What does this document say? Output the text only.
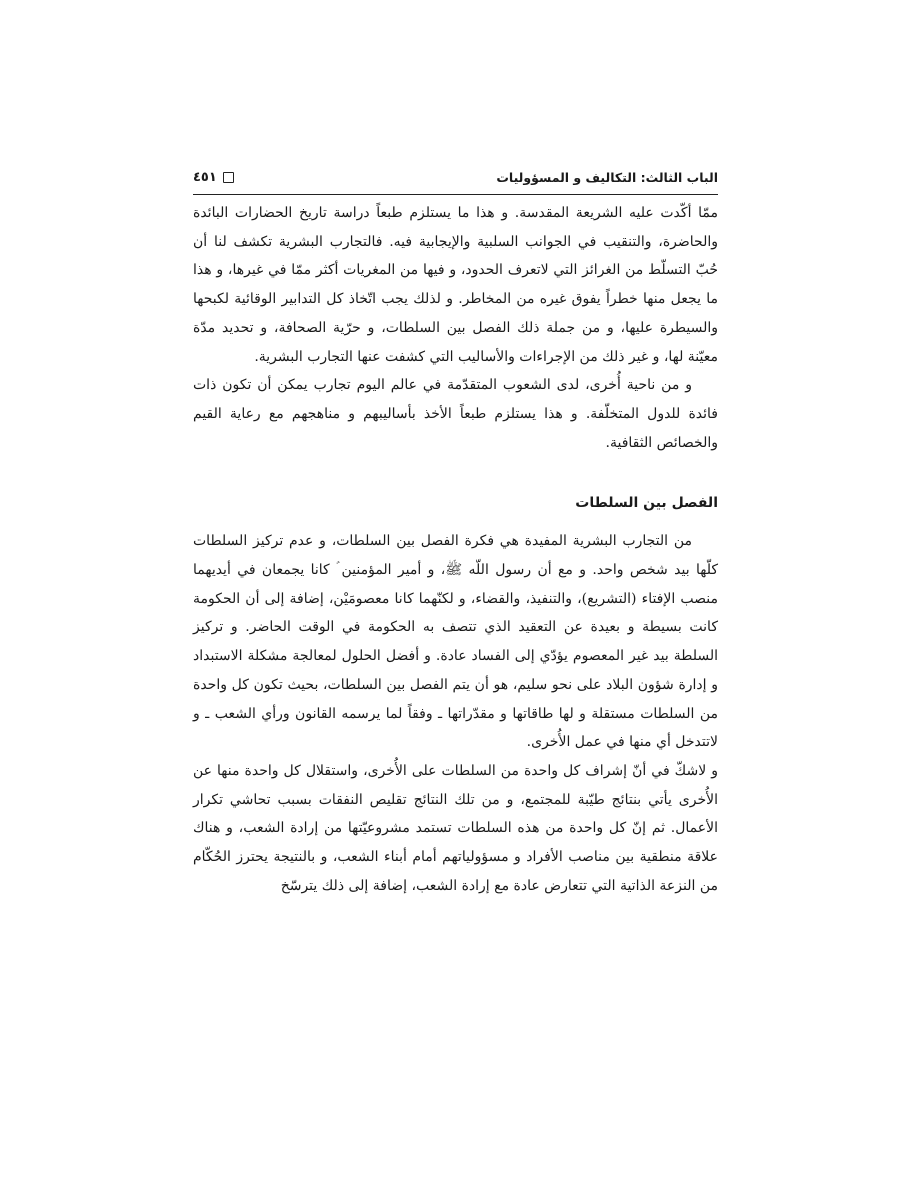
الباب الثالث: التكاليف و المسؤوليات
٤٥١

ممّا أكّدت عليه الشريعة المقدسة. و هذا ما يستلزم طبعاً دراسة تاريخ الحضارات البائدة والحاضرة، والتنقيب في الجوانب السلبية والإيجابية فيه. فالتجارب البشرية تكشف لنا أن حُبّ التسلّط من الغرائز التي لاتعرف الحدود، و فيها من المغريات أكثر ممّا في غيرها، و هذا ما يجعل منها خطراً يفوق غيره من المخاطر. و لذلك يجب اتّخاذ كل التدابير الوقائية لكبحها والسيطرة عليها، و من جملة ذلك الفصل بين السلطات، و حرّية الصحافة، و تحديد مدّة معيّنة لها، و غير ذلك من الإجراءات والأساليب التي كشفت عنها التجارب البشرية.

و من ناحية أُخرى، لدى الشعوب المتقدّمة في عالم اليوم تجارب يمكن أن تكون ذات فائدة للدول المتخلّفة. و هذا يستلزم طبعاً الأخذ بأساليبهم و مناهجهم مع رعاية القيم والخصائص الثقافية.

الفصل بين السلطات

من التجارب البشرية المفيدة هي فكرة الفصل بين السلطات، و عدم تركيز السلطات كلّها بيد شخص واحد. و مع أن رسول اللّه ﷺ، و أمير المؤمنين ؑ كانا يجمعان في أيديهما منصب الإفتاء (التشريع)، والتنفيذ، والقضاء، و لكنّهما كانا معصومَيْن، إضافة إلى أن الحكومة كانت بسيطة و بعيدة عن التعقيد الذي تتصف به الحكومة في الوقت الحاضر. و تركيز السلطة بيد غير المعصوم يؤدّي إلى الفساد عادة. و أفضل الحلول لمعالجة مشكلة الاستبداد و إدارة شؤون البلاد على نحو سليم، هو أن يتم الفصل بين السلطات، بحيث تكون كل واحدة من السلطات مستقلة و لها طاقاتها و مقدّراتها ـ وفقاً لما يرسمه القانون ورأي الشعب ـ و لاتتدخل أي منها في عمل الأُخرى.

و لاشكّ في أنّ إشراف كل واحدة من السلطات على الأُخرى، واستقلال كل واحدة منها عن الأُخرى يأتي بنتائج طيّبة للمجتمع، و من تلك النتائج تقليص النفقات بسبب تحاشي تكرار الأعمال. ثم إنّ كل واحدة من هذه السلطات تستمد مشروعيّتها من إرادة الشعب، و هناك علاقة منطقية بين مناصب الأفراد و مسؤولياتهم أمام أبناء الشعب، و بالنتيجة يحترز الحُكّام من النزعة الذاتية التي تتعارض عادة مع إرادة الشعب، إضافة إلى ذلك يترسّخ
